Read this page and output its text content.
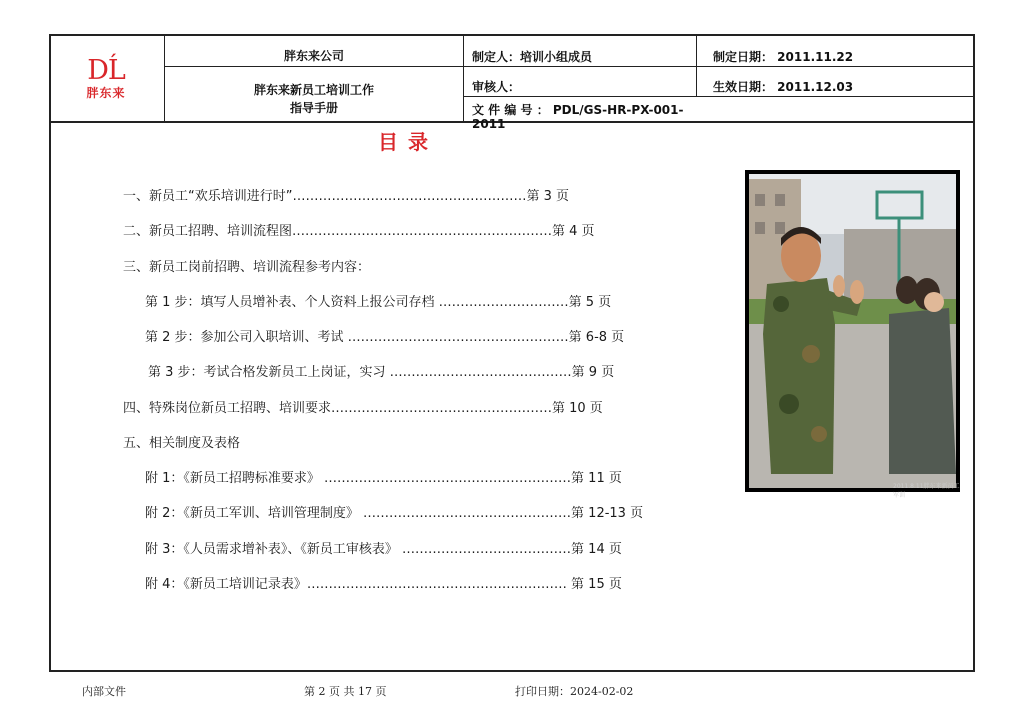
DĹ
胖东来
胖东来公司
胖东来新员工培训工作
指导手册
制定人：培训小组成员
审核人：
文 件 编 号 ： PDL/GS-HR-PX-001-
2011
制定日期： 2011.11.22
生效日期： 2011.12.03
目录
一、新员工“欢乐培训进行时”………………………………………………第 3 页
二、新员工招聘、培训流程图……………………………………………………第 4 页
三、新员工岗前招聘、培训流程参考内容：
第 1 步：填写人员增补表、个人资料上报公司存档 …………………………第 5 页
第 2 步：参加公司入职培训、考试 ……………………………………………第 6-8 页
第 3 步：考试合格发新员工上岗证，实习 ……………………………………第 9 页
四、特殊岗位新员工招聘、培训要求……………………………………………第 10 页
五、相关制度及表格
附 1：《新员工招聘标准要求》 …………………………………………………第 11 页
附 2：《新员工军训、培训管理制度》 …………………………………………第 12-13 页
附 3：《人员需求增补表》、《新员工审核表》 …………………………………第 14 页
附 4：《新员工培训记录表》…………………………………………………… 第 15 页
2011.8.11胖东来新员工军训
内部文件	第 2 页 共 17 页	打印日期：2024-02-02
